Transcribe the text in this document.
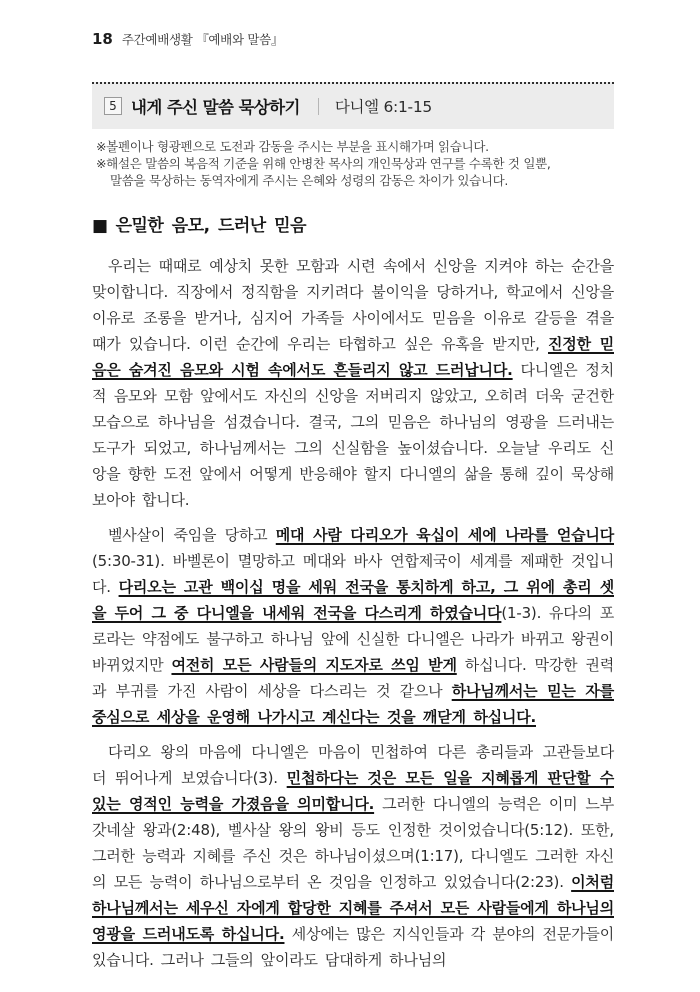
18 주간예배생활 『예배와 말씀』
5 내게 주신 말씀 묵상하기 다니엘 6:1-15
※볼펜이나 형광펜으로 도전과 감동을 주시는 부분을 표시해가며 읽습니다.
※해설은 말씀의 복음적 기준을 위해 안병찬 목사의 개인묵상과 연구를 수록한 것 일뿐,
말씀을 묵상하는 동역자에게 주시는 은혜와 성령의 감동은 차이가 있습니다.
■ 은밀한 음모, 드러난 믿음

우리는 때때로 예상치 못한 모함과 시련 속에서 신앙을 지켜야 하는 순간을 맞이합니다. 직장에서 정직함을 지키려다 불이익을 당하거나, 학교에서 신앙을 이유로 조롱을 받거나, 심지어 가족들 사이에서도 믿음을 이유로 갈등을 겪을 때가 있습니다. 이런 순간에 우리는 타협하고 싶은 유혹을 받지만, 진정한 믿음은 숨겨진 음모와 시험 속에서도 흔들리지 않고 드러납니다. 다니엘은 정치적 음모와 모함 앞에서도 자신의 신앙을 저버리지 않았고, 오히려 더욱 굳건한 모습으로 하나님을 섬겼습니다. 결국, 그의 믿음은 하나님의 영광을 드러내는 도구가 되었고, 하나님께서는 그의 신실함을 높이셨습니다. 오늘날 우리도 신앙을 향한 도전 앞에서 어떻게 반응해야 할지 다니엘의 삶을 통해 깊이 묵상해 보아야 합니다.

벨사살이 죽임을 당하고 메대 사람 다리오가 육십이 세에 나라를 얻습니다(5:30-31). 바벨론이 멸망하고 메대와 바사 연합제국이 세계를 제패한 것입니다. 다리오는 고관 백이십 명을 세워 전국을 통치하게 하고, 그 위에 총리 셋을 두어 그 중 다니엘을 내세워 전국을 다스리게 하였습니다(1-3). 유다의 포로라는 약점에도 불구하고 하나님 앞에 신실한 다니엘은 나라가 바뀌고 왕권이 바뀌었지만 여전히 모든 사람들의 지도자로 쓰임 받게 하십니다. 막강한 권력과 부귀를 가진 사람이 세상을 다스리는 것 같으나 하나님께서는 믿는 자를 중심으로 세상을 운영해 나가시고 계신다는 것을 깨닫게 하십니다.

다리오 왕의 마음에 다니엘은 마음이 민첩하여 다른 총리들과 고관들보다 더 뛰어나게 보였습니다(3). 민첩하다는 것은 모든 일을 지혜롭게 판단할 수 있는 영적인 능력을 가졌음을 의미합니다. 그러한 다니엘의 능력은 이미 느부갓네살 왕과(2:48), 벨사살 왕의 왕비 등도 인정한 것이었습니다(5:12). 또한, 그러한 능력과 지혜를 주신 것은 하나님이셨으며(1:17), 다니엘도 그러한 자신의 모든 능력이 하나님으로부터 온 것임을 인정하고 있었습니다(2:23). 이처럼 하나님께서는 세우신 자에게 합당한 지혜를 주셔서 모든 사람들에게 하나님의 영광을 드러내도록 하십니다. 세상에는 많은 지식인들과 각 분야의 전문가들이 있습니다. 그러나 그들의 앞이라도 담대하게 하나님의
